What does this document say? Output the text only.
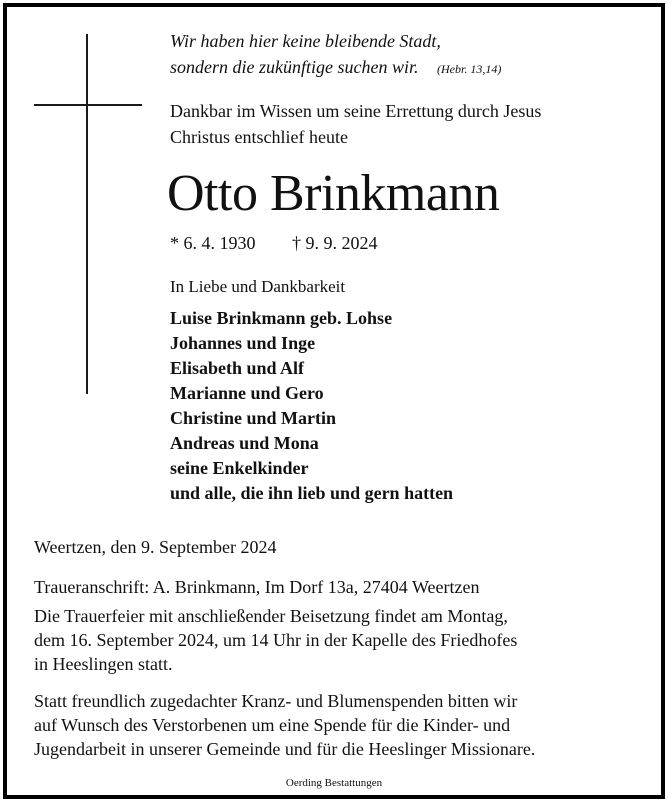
Wir haben hier keine bleibende Stadt,
sondern die zukünftige suchen wir. (Hebr. 13,14)
Dankbar im Wissen um seine Errettung durch Jesus
Christus entschlief heute
Otto Brinkmann
* 6. 4. 1930 † 9. 9. 2024
In Liebe und Dankbarkeit
Luise Brinkmann geb. Lohse
Johannes und Inge
Elisabeth und Alf
Marianne und Gero
Christine und Martin
Andreas und Mona
seine Enkelkinder
und alle, die ihn lieb und gern hatten
Weertzen, den 9. September 2024
Traueranschrift: A. Brinkmann, Im Dorf 13a, 27404 Weertzen
Die Trauerfeier mit anschließender Beisetzung findet am Montag,
dem 16. September 2024, um 14 Uhr in der Kapelle des Friedhofes
in Heeslingen statt.
Statt freundlich zugedachter Kranz- und Blumenspenden bitten wir
auf Wunsch des Verstorbenen um eine Spende für die Kinder- und
Jugendarbeit in unserer Gemeinde und für die Heeslinger Missionare.
Oerding Bestattungen
